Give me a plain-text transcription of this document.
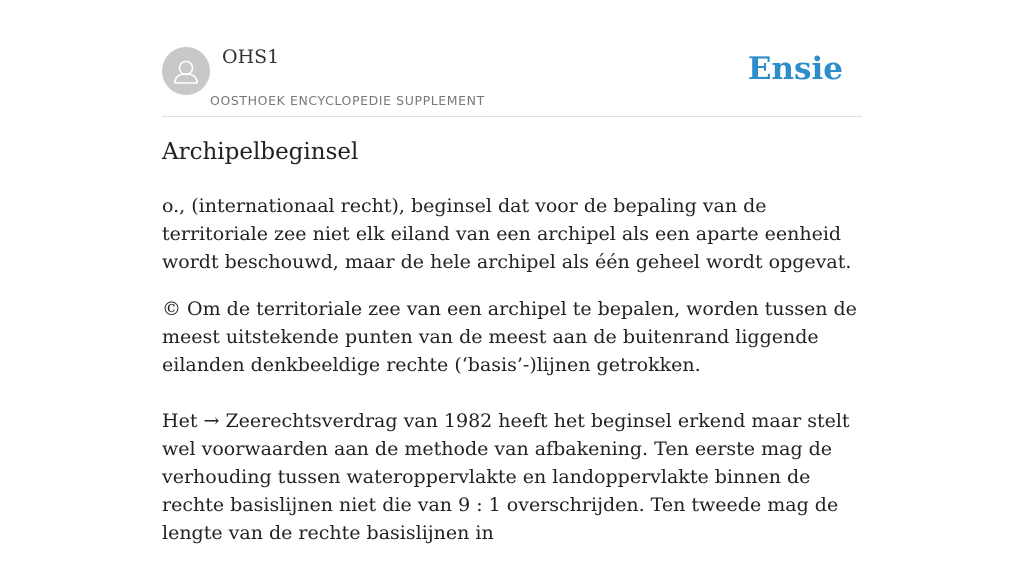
OHS1
OOSTHOEK ENCYCLOPEDIE SUPPLEMENT
Ensie
Archipelbeginsel

o., (internationaal recht), beginsel dat voor de bepaling van de territoriale zee niet elk eiland van een archipel als een aparte eenheid wordt beschouwd, maar de hele archipel als één geheel wordt opgevat.

© Om de territoriale zee van een archipel te bepalen, worden tussen de meest uitstekende punten van de meest aan de buitenrand liggende eilanden denkbeeldige rechte (‘basis’-)lijnen getrokken.

Het → Zeerechtsverdrag van 1982 heeft het beginsel erkend maar stelt wel voorwaarden aan de methode van afbakening. Ten eerste mag de verhouding tussen wateroppervlakte en landoppervlakte binnen de rechte basislijnen niet die van 9 : 1 overschrijden. Ten tweede mag de lengte van de rechte basislijnen in
